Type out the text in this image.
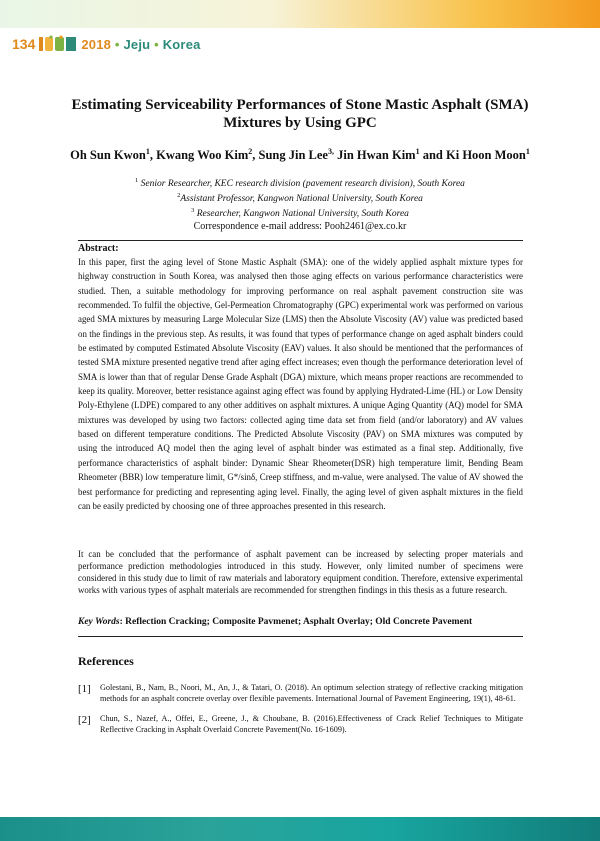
134	2018 • Jeju • Korea
Estimating Serviceability Performances of Stone Mastic Asphalt (SMA)
Mixtures by Using GPC
Oh Sun Kwon$^1$, Kwang Woo Kim$^2$, Sung Jin Lee$^{3,}$ Jin Hwan Kim$^1$ and Ki Hoon Moon$^1$
$^1$ Senior Researcher, KEC research division (pavement research division), South Korea
$^2$Assistant Professor, Kangwon National University, South Korea
$^3$ Researcher, Kangwon National University, South Korea
Correspondence e-mail address: Pooh2461@ex.co.kr
Abstract:
In this paper, first the aging level of Stone Mastic Asphalt (SMA): one of the widely applied asphalt mixture types for highway construction in South Korea, was analysed then those aging effects on various performance characteristics were studied. Then, a suitable methodology for improving performance on real asphalt pavement construction site was recommended. To fulfil the objective, Gel-Permeation Chromatography (GPC) experimental work was performed on various aged SMA mixtures by measuring Large Molecular Size (LMS) then the Absolute Viscosity (AV) value was predicted based on the findings in the previous step. As results, it was found that types of performance change on aged asphalt binders could be estimated by computed Estimated Absolute Viscosity (EAV) values. It also should be mentioned that the performances of tested SMA mixture presented negative trend after aging effect increases; even though the performance deterioration level of SMA is lower than that of regular Dense Grade Asphalt (DGA) mixture, which means proper reactions are recommended to keep its quality. Moreover, better resistance against aging effect was found by applying Hydrated-Lime (HL) or Low Density Poly-Ethylene (LDPE) compared to any other additives on asphalt mixtures. A unique Aging Quantity (AQ) model for SMA mixtures was developed by using two factors: collected aging time data set from field (and/or laboratory) and AV values based on different temperature conditions. The Predicted Absolute Viscosity (PAV) on SMA mixtures was computed by using the introduced AQ model then the aging level of asphalt binder was estimated as a final step. Additionally, five performance characteristics of asphalt binder: Dynamic Shear Rheometer(DSR) high temperature limit, Bending Beam Rheometer (BBR) low temperature limit, G*/sinδ, Creep stiffness, and m-value, were analysed. The value of AV showed the best performance for predicting and representing aging level. Finally, the aging level of given asphalt mixtures in the field can be easily predicted by choosing one of three approaches presented in this research.
It can be concluded that the performance of asphalt pavement can be increased by selecting proper materials and performance prediction methodologies introduced in this study. However, only limited number of specimens were considered in this study due to limit of raw materials and laboratory equipment condition. Therefore, extensive experimental works with various types of asphalt materials are recommended for strengthen findings in this thesis as a future research.
Key Words: Reflection Cracking; Composite Pavmenet; Asphalt Overlay; Old Concrete Pavement
References
[1]	Golestani, B., Nam, B., Noori, M., An, J., & Tatari, O. (2018). An optimum selection strategy of reflective cracking mitigation methods for an asphalt concrete overlay over flexible pavements. International Journal of Pavement Engineering, 19(1), 48-61.
[2]	Chun, S., Nazef, A., Offei, E., Greene, J., & Choubane, B. (2016).Effectiveness of Crack Relief Techniques to Mitigate Reflective Cracking in Asphalt Overlaid Concrete Pavement(No. 16-1609).
